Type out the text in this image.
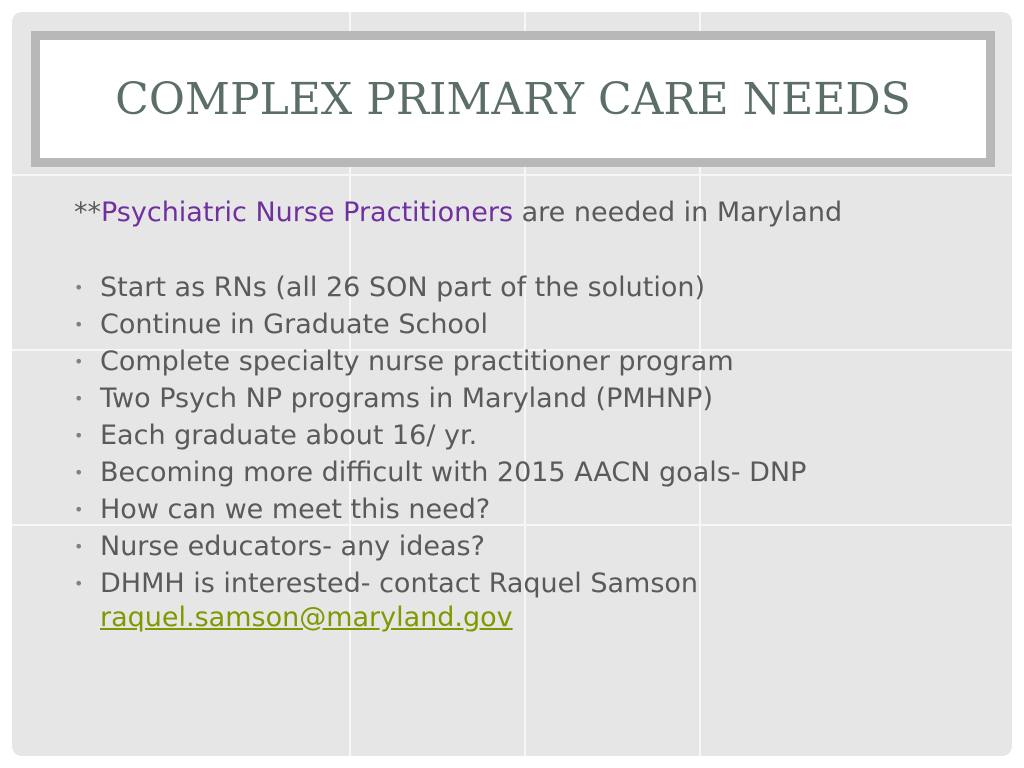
COMPLEX PRIMARY CARE NEEDS

**Psychiatric Nurse Practitioners are needed in Maryland

• Start as RNs (all 26 SON part of the solution)
• Continue in Graduate School
• Complete specialty nurse practitioner program
• Two Psych NP programs in Maryland (PMHNP)
• Each graduate about 16/ yr.
• Becoming more difficult with 2015 AACN goals- DNP
• How can we meet this need?
• Nurse educators- any ideas?
• DHMH is interested- contact Raquel Samson
raquel.samson@maryland.gov
